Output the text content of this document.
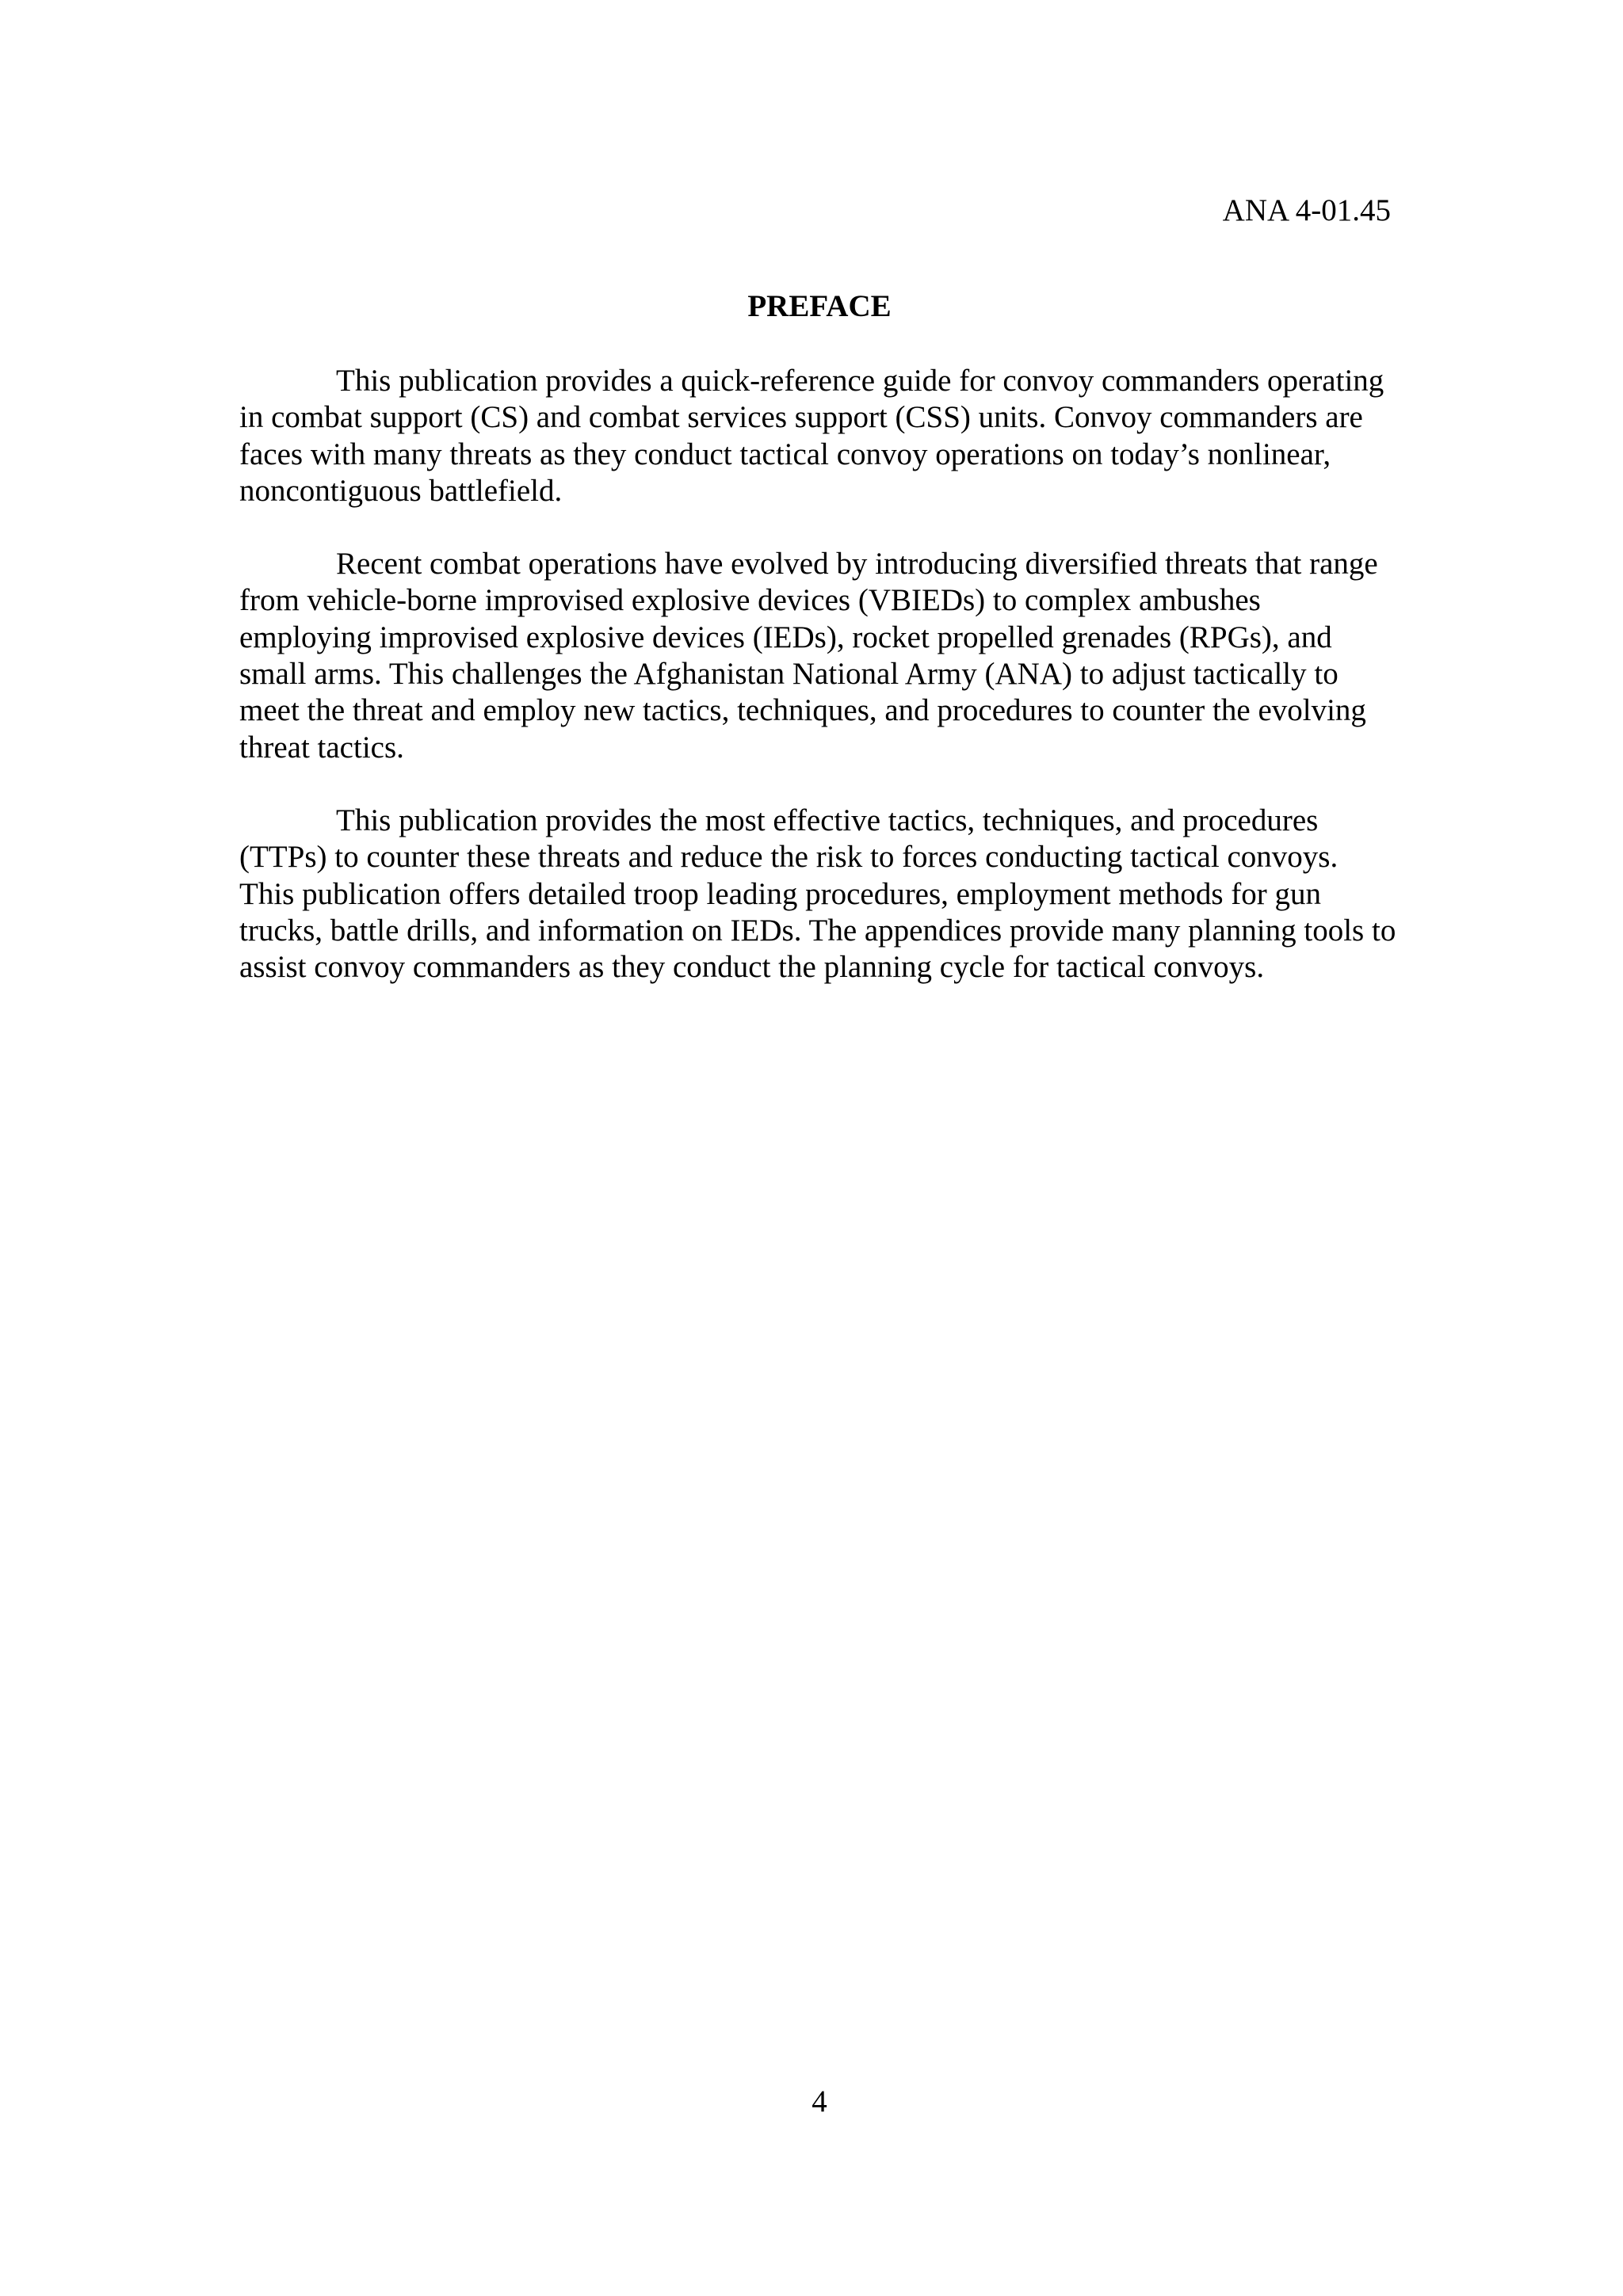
ANA 4-01.45

PREFACE

This publication provides a quick-reference guide for convoy commanders operating in combat support (CS) and combat services support (CSS) units. Convoy commanders are faces with many threats as they conduct tactical convoy operations on today’s nonlinear, noncontiguous battlefield.

Recent combat operations have evolved by introducing diversified threats that range from vehicle-borne improvised explosive devices (VBIEDs) to complex ambushes employing improvised explosive devices (IEDs), rocket propelled grenades (RPGs), and small arms. This challenges the Afghanistan National Army (ANA) to adjust tactically to meet the threat and employ new tactics, techniques, and procedures to counter the evolving threat tactics.

This publication provides the most effective tactics, techniques, and procedures (TTPs) to counter these threats and reduce the risk to forces conducting tactical convoys. This publication offers detailed troop leading procedures, employment methods for gun trucks, battle drills, and information on IEDs. The appendices provide many planning tools to assist convoy commanders as they conduct the planning cycle for tactical convoys.

4
